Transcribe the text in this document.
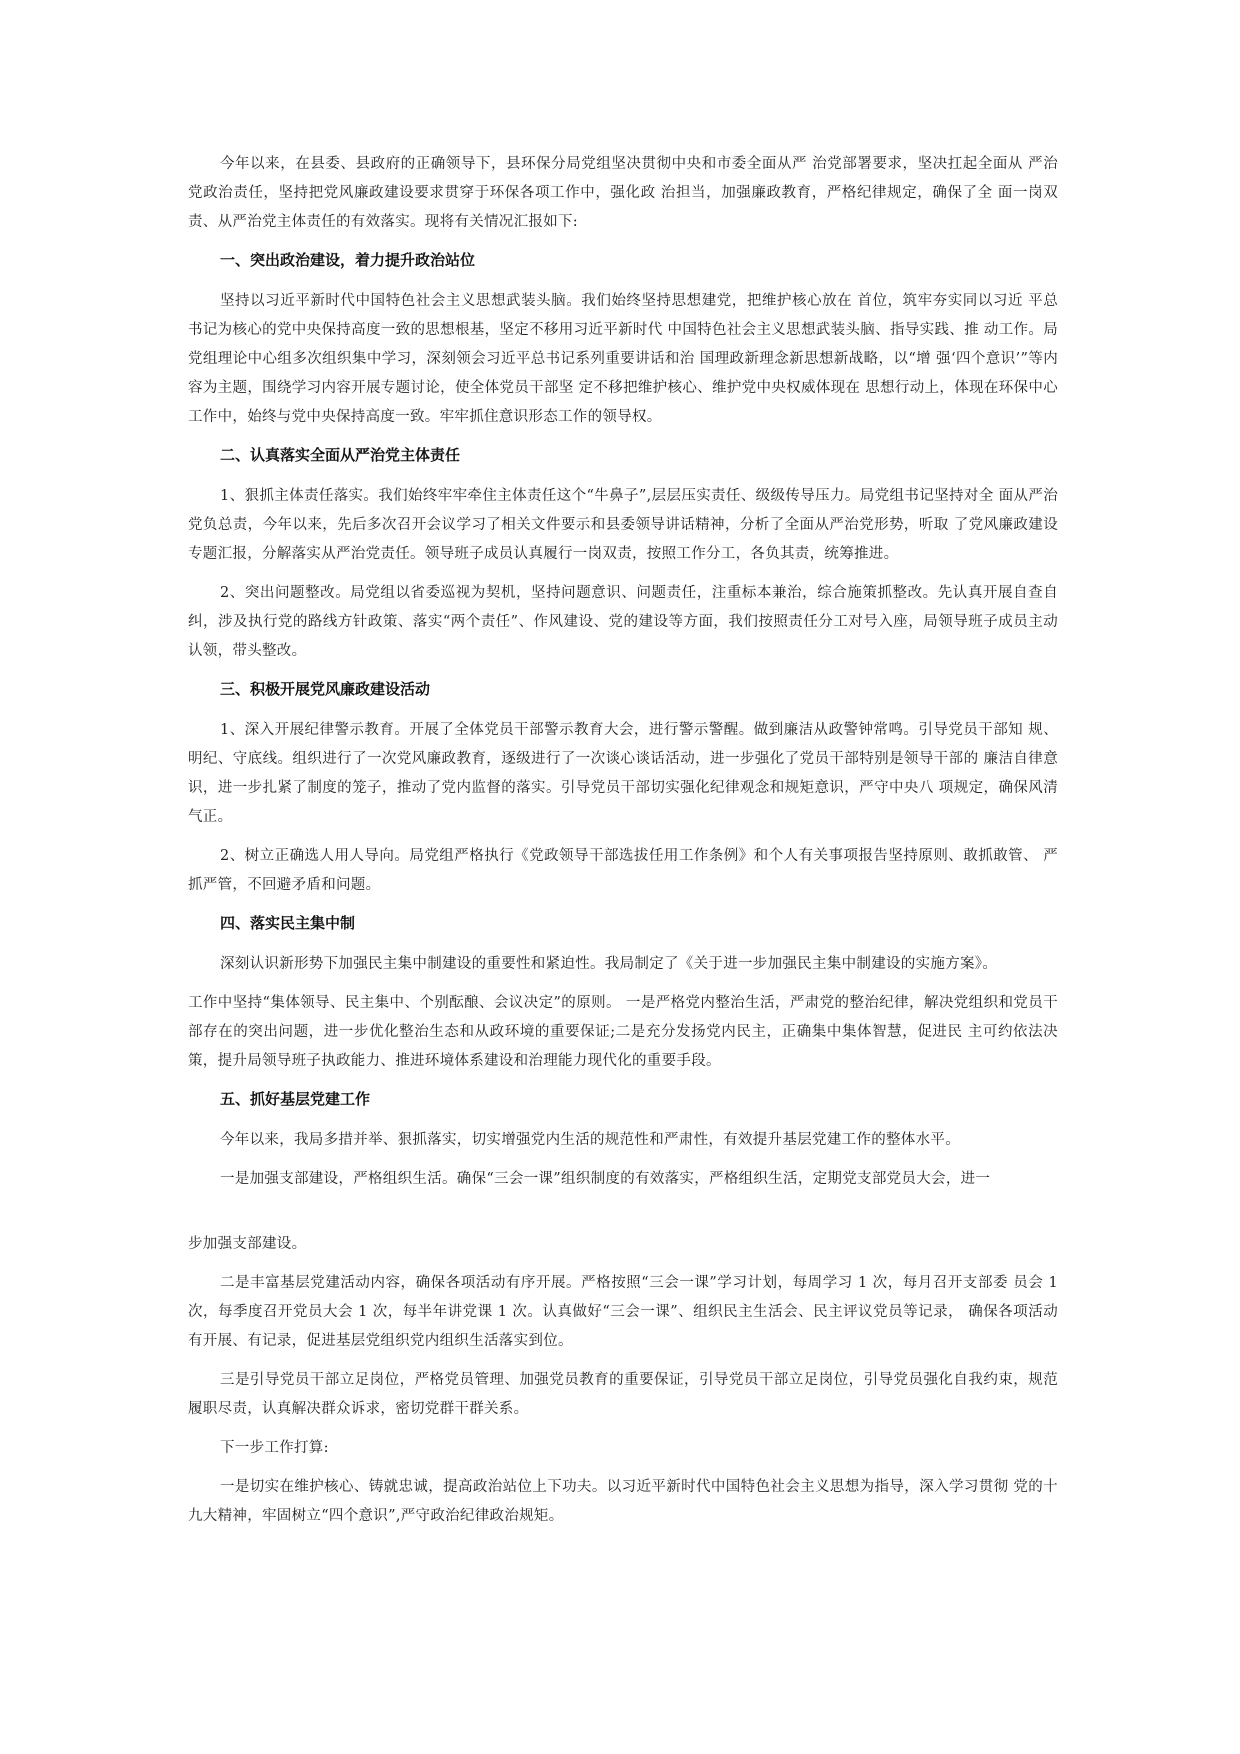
今年以来，在县委、县政府的正确领导下，县环保分局党组坚决贯彻中央和市委全面从严 治党部署要求，坚决扛起全面从 严治党政治责任，坚持把党风廉政建设要求贯穿于环保各项工作中，强化政 治担当，加强廉政教育，严格纪律规定，确保了全 面一岗双责、从严治党主体责任的有效落实。现将有关情况汇报如下:

一、突出政治建设，着力提升政治站位

坚持以习近平新时代中国特色社会主义思想武装头脑。我们始终坚持思想建党，把维护核心放在 首位，筑牢夯实同以习近 平总书记为核心的党中央保持高度一致的思想根基，坚定不移用习近平新时代 中国特色社会主义思想武装头脑、指导实践、推 动工作。局党组理论中心组多次组织集中学习，深刻领会习近平总书记系列重要讲话和治 国理政新理念新思想新战略，以“增 强‘四个意识’”等内容为主题，围绕学习内容开展专题讨论，使全体党员干部坚 定不移把维护核心、维护党中央权威体现在 思想行动上，体现在环保中心工作中，始终与党中央保持高度一致。牢牢抓住意识形态工作的领导权。

二、认真落实全面从严治党主体责任

1、狠抓主体责任落实。我们始终牢牢牵住主体责任这个“牛鼻子”,层层压实责任、级级传导压力。局党组书记坚持对全 面从严治党负总责，今年以来，先后多次召开会议学习了相关文件要示和县委领导讲话精神，分析了全面从严治党形势，听取 了党风廉政建设专题汇报，分解落实从严治党责任。领导班子成员认真履行一岗双责，按照工作分工，各负其责，统筹推进。

2、突出问题整改。局党组以省委巡视为契机，坚持问题意识、问题责任，注重标本兼治，综合施策抓整改。先认真开展自查自纠，涉及执行党的路线方针政策、落实“两个责任”、作风建设、党的建设等方面，我们按照责任分工对号入座，局领导班子成员主动认领，带头整改。

三、积极开展党风廉政建设活动

1、深入开展纪律警示教育。开展了全体党员干部警示教育大会，进行警示警醒。做到廉洁从政警钟常鸣。引导党员干部知 规、明纪、守底线。组织进行了一次党风廉政教育，逐级进行了一次谈心谈话活动，进一步强化了党员干部特别是领导干部的 廉洁自律意识，进一步扎紧了制度的笼子，推动了党内监督的落实。引导党员干部切实强化纪律观念和规矩意识，严守中央八 项规定，确保风清气正。

2、树立正确选人用人导向。局党组严格执行《党政领导干部选拔任用工作条例》和个人有关事项报告坚持原则、敢抓敢管、 严抓严管，不回避矛盾和问题。

四、落实民主集中制

深刻认识新形势下加强民主集中制建设的重要性和紧迫性。我局制定了《关于进一步加强民主集中制建设的实施方案》。

工作中坚持“集体领导、民主集中、个别酝酿、会议决定”的原则。 一是严格党内整治生活，严肃党的整治纪律，解决党组织和党员干部存在的突出问题，进一步优化整治生态和从政环境的重要保证;二是充分发扬党内民主，正确集中集体智慧，促进民 主可约依法决策，提升局领导班子执政能力、推进环境体系建设和治理能力现代化的重要手段。

五、抓好基层党建工作

今年以来，我局多措并举、狠抓落实，切实增强党内生活的规范性和严肃性，有效提升基层党建工作的整体水平。

一是加强支部建设，严格组织生活。确保“三会一课”组织制度的有效落实，严格组织生活，定期党支部党员大会，进一

步加强支部建设。

二是丰富基层党建活动内容，确保各项活动有序开展。严格按照“三会一课”学习计划，每周学习 1 次，每月召开支部委 员会 1 次，每季度召开党员大会 1 次，每半年讲党课 1 次。认真做好“三会一课”、组织民主生活会、民主评议党员等记录， 确保各项活动有开展、有记录，促进基层党组织党内组织生活落实到位。

三是引导党员干部立足岗位，严格党员管理、加强党员教育的重要保证，引导党员干部立足岗位，引导党员强化自我约束，规范履职尽责，认真解决群众诉求，密切党群干群关系。

下一步工作打算:

一是切实在维护核心、铸就忠诚，提高政治站位上下功夫。以习近平新时代中国特色社会主义思想为指导，深入学习贯彻 党的十九大精神，牢固树立“四个意识”,严守政治纪律政治规矩。
